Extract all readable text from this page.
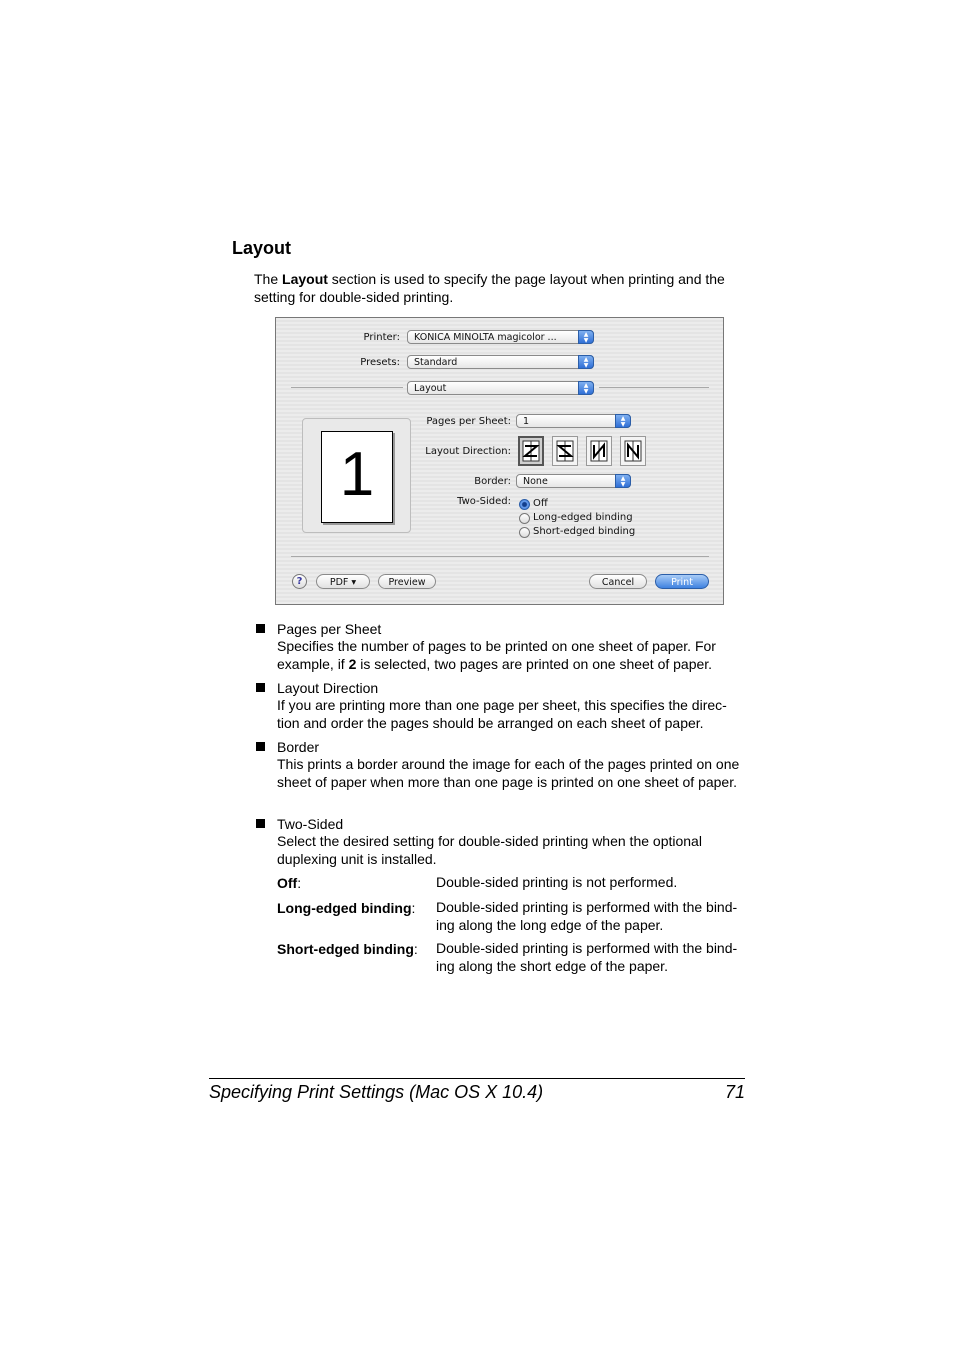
Layout
The Layout section is used to specify the page layout when printing and the setting for double-sided printing.
Printer:	KONICA MINOLTA magicolor ...	▲
▼
Presets:	Standard	▲
▼
Layout	▲
▼
1
Pages per Sheet:	1	▲
▼
Layout Direction:
Border:	None	▲
▼
Two-Sided: Off
Long-edged binding
Short-edged binding
?	PDF ▾	Preview	Cancel	Print
Pages per Sheet
Specifies the number of pages to be printed on one sheet of paper. For example, if 2 is selected, two pages are printed on one sheet of paper.
Layout Direction
If you are printing more than one page per sheet, this specifies the direc-tion and order the pages should be arranged on each sheet of paper.
Border
This prints a border around the image for each of the pages printed on one sheet of paper when more than one page is printed on one sheet of paper.
Two-Sided
Select the desired setting for double-sided printing when the optional duplexing unit is installed.
Off:	Double-sided printing is not performed.
Long-edged binding: Double-sided printing is performed with the bind-ing along the long edge of the paper.
Short-edged binding: Double-sided printing is performed with the bind-ing along the short edge of the paper.
Specifying Print Settings (Mac OS X 10.4)	71
